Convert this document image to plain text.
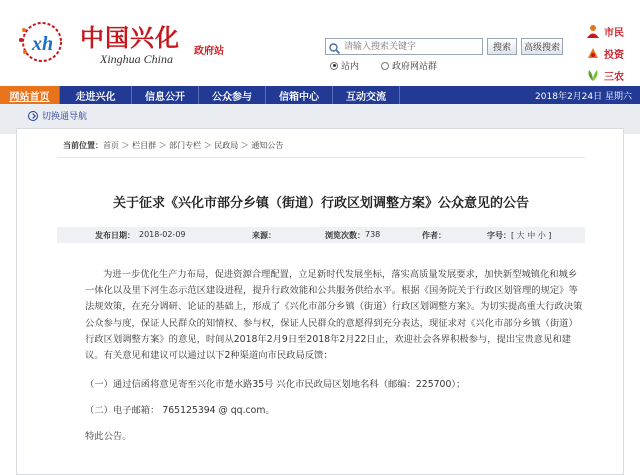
xh 中国兴化
Xinghua China
政府站
请输入搜索关键字	搜索	高级搜索
站内	政府网站群
市民
投资
三农
网站首页	走进兴化	信息公开	公众参与	信箱中心	互动交流	2018年2月24日 星期六
切换通导航
当前位置： 首页 ＞ 栏目群 ＞ 部门专栏 ＞ 民政局 ＞ 通知公告
关于征求《兴化市部分乡镇（街道）行政区划调整方案》公众意见的公告
发布日期： 2018-02-09	来源：	浏览次数： 738	作者：	字号： [ 大 中 小 ]

为进一步优化生产力布局，促进资源合理配置，立足新时代发展坐标，落实高质量发展要求，加快新型城镇化和城乡一体化以及里下河生态示范区建设进程，提升行政效能和公共服务供给水平。根据《国务院关于行政区划管理的规定》等法规效策，在充分调研、论证的基础上，形成了《兴化市部分乡镇（街道）行政区划调整方案》。为切实提高重大行政决策公众参与度，保证人民群众的知情权、参与权，保证人民群众的意愿得到充分表达，现征求对《兴化市部分乡镇（街道）行政区划调整方案》的意见，时间从2018年2月9日至2018年2月22日止，欢迎社会各界积极参与，提出宝贵意见和建议。有关意见和建议可以通过以下2种渠道向市民政局反馈：

（一）通过信函将意见寄至兴化市楚水路35号 兴化市民政局区划地名科（邮编：225700）；
（二）电子邮箱： 765125394 @ qq.com。
特此公告。
